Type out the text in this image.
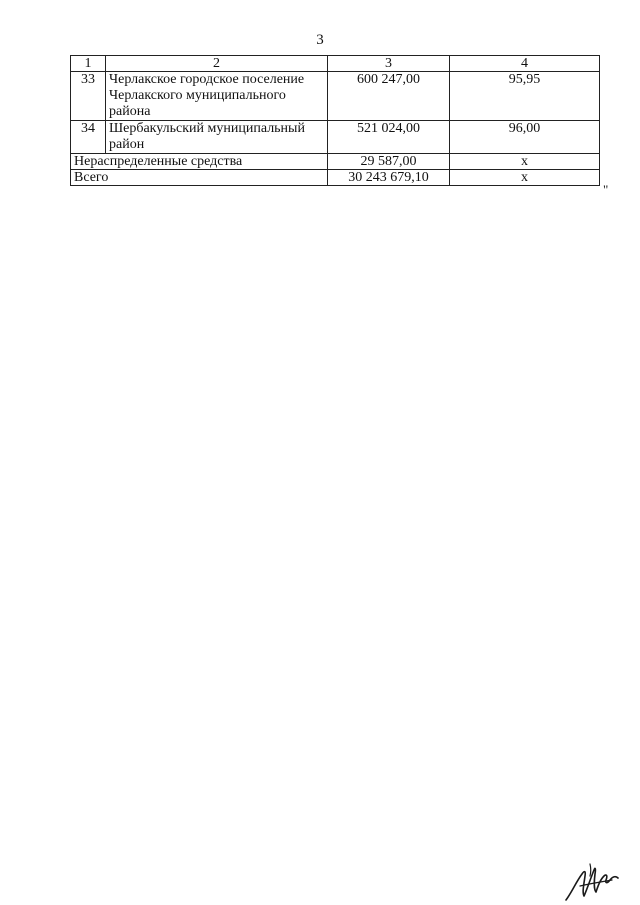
3
1	2	3	4
33	Черлакское городское поселение Черлакского муниципального района	600 247,00	95,95
34	Шербакульский муниципальный район	521 024,00	96,00
Нераспределенные средства		29 587,00	х
Всего		30 243 679,10	х
"
